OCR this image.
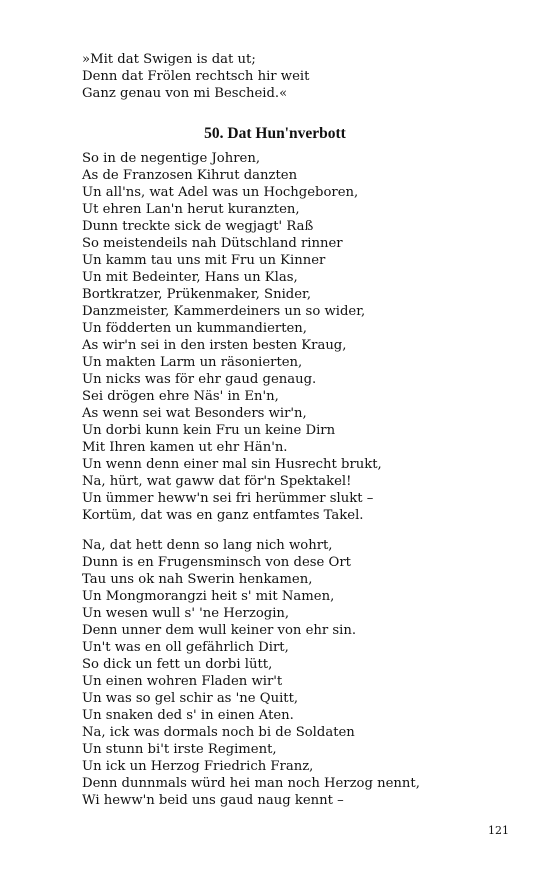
»Mit dat Swigen is dat ut;
Denn dat Frölen rechtsch hir weit
Ganz genau von mi Bescheid.«
50. Dat Hun'nverbott
So in de negentige Johren,
As de Franzosen Kihrut danzten
Un all'ns, wat Adel was un Hochgeboren,
Ut ehren Lan'n herut kuranzten,
Dunn treckte sick de wegjagt' Raß
So meistendeils nah Dütschland rinner
Un kamm tau uns mit Fru un Kinner
Un mit Bedeinter, Hans un Klas,
Bortkratzer, Prükenmaker, Snider,
Danzmeister, Kammerdeiners un so wider,
Un födderten un kummandierten,
As wir'n sei in den irsten besten Kraug,
Un makten Larm un räsonierten,
Un nicks was för ehr gaud genaug.
Sei drögen ehre Näs' in En'n,
As wenn sei wat Besonders wir'n,
Un dorbi kunn kein Fru un keine Dirn
Mit Ihren kamen ut ehr Hän'n.
Un wenn denn einer mal sin Husrecht brukt,
Na, hürt, wat gaww dat för'n Spektakel!
Un ümmer heww'n sei fri herümmer slukt –
Kortüm, dat was en ganz entfamtes Takel.
Na, dat hett denn so lang nich wohrt,
Dunn is en Frugensminsch von dese Ort
Tau uns ok nah Swerin henkamen,
Un Mongmorangzi heit s' mit Namen,
Un wesen wull s' 'ne Herzogin,
Denn unner dem wull keiner von ehr sin.
Un't was en oll gefährlich Dirt,
So dick un fett un dorbi lütt,
Un einen wohren Fladen wir't
Un was so gel schir as 'ne Quitt,
Un snaken ded s' in einen Aten.
Na, ick was dormals noch bi de Soldaten
Un stunn bi't irste Regiment,
Un ick un Herzog Friedrich Franz,
Denn dunnmals würd hei man noch Herzog nennt,
Wi heww'n beid uns gaud naug kennt –
121
